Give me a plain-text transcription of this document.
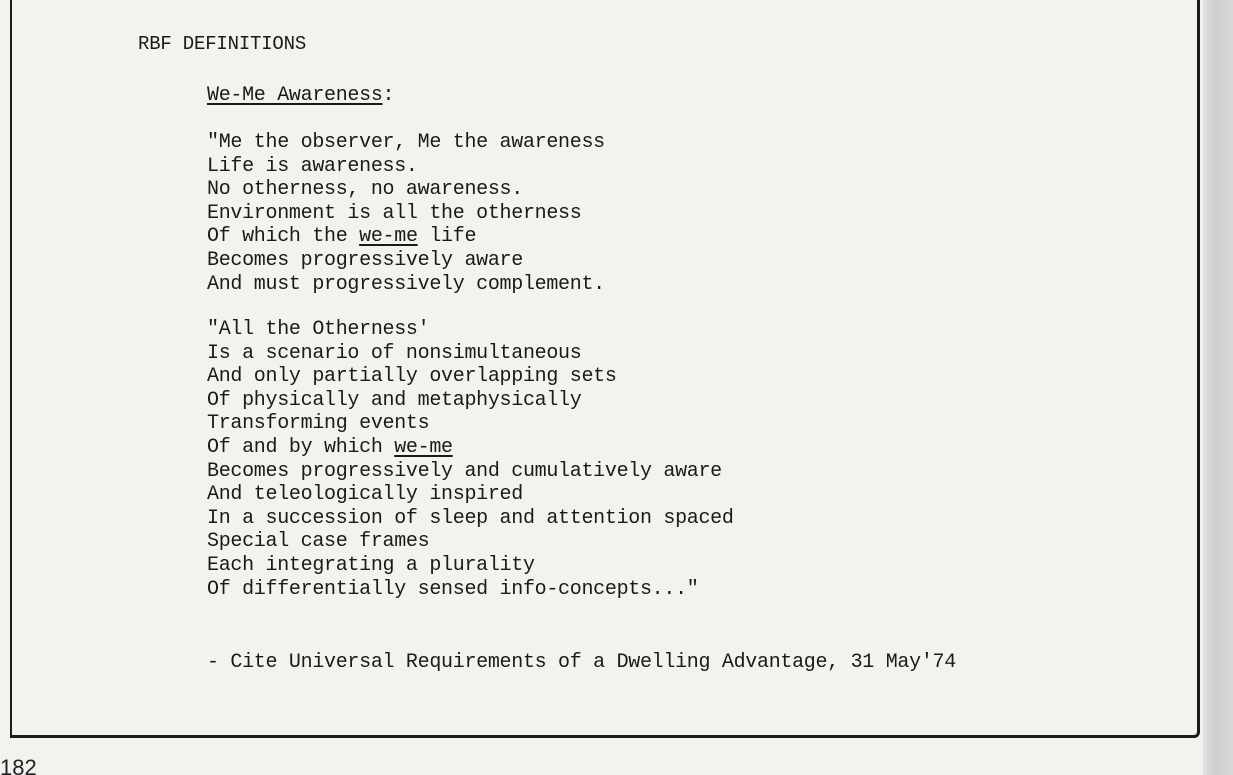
RBF DEFINITIONS

We-Me Awareness:

"Me the observer, Me the awareness
Life is awareness.
No otherness, no awareness.
Environment is all the otherness
Of which the we-me life
Becomes progressively aware
And must progressively complement.
"All the Otherness'
Is a scenario of nonsimultaneous
And only partially overlapping sets
Of physically and metaphysically
Transforming events
Of and by which we-me
Becomes progressively and cumulatively aware
And teleologically inspired
In a succession of sleep and attention spaced
Special case frames
Each integrating a plurality
Of differentially sensed info-concepts..."

- Cite Universal Requirements of a Dwelling Advantage, 31 May'74

182
